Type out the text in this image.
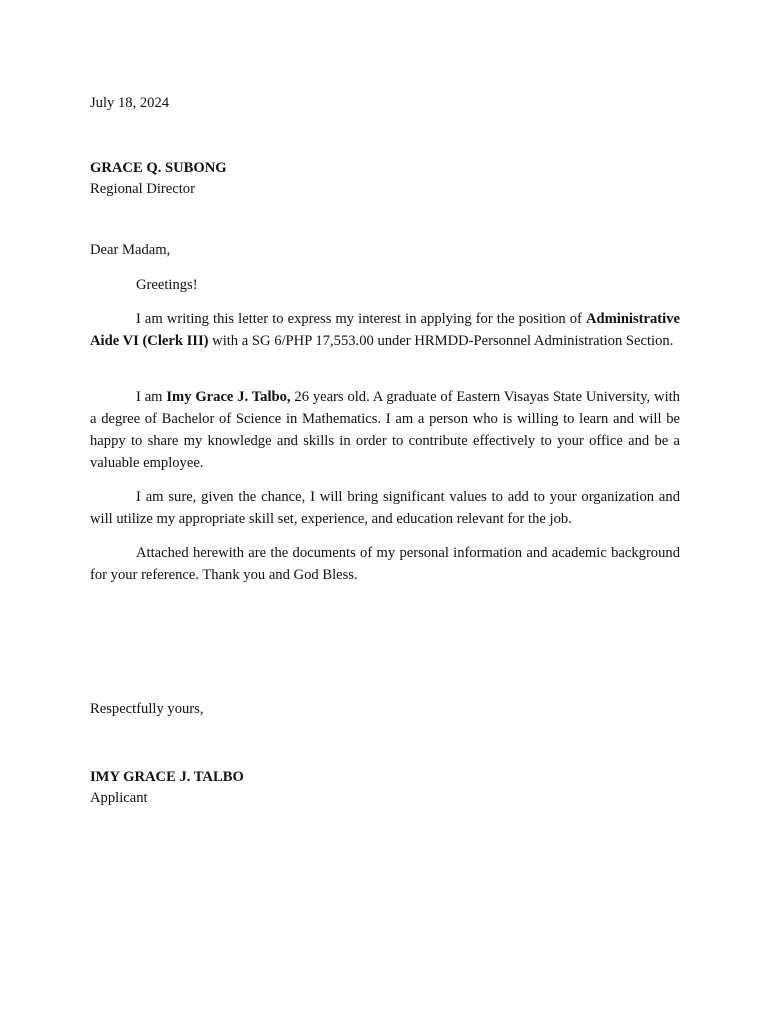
July 18, 2024
GRACE Q. SUBONG
Regional Director
Dear Madam,
Greetings!

I am writing this letter to express my interest in applying for the position of Administrative Aide VI (Clerk III) with a SG 6/PHP 17,553.00 under HRMDD-Personnel Administration Section.

I am Imy Grace J. Talbo, 26 years old. A graduate of Eastern Visayas State University, with a degree of Bachelor of Science in Mathematics. I am a person who is willing to learn and will be happy to share my knowledge and skills in order to contribute effectively to your office and be a valuable employee.

I am sure, given the chance, I will bring significant values to add to your organization and will utilize my appropriate skill set, experience, and education relevant for the job.

Attached herewith are the documents of my personal information and academic background for your reference. Thank you and God Bless.

Respectfully yours,
IMY GRACE J. TALBO
Applicant
